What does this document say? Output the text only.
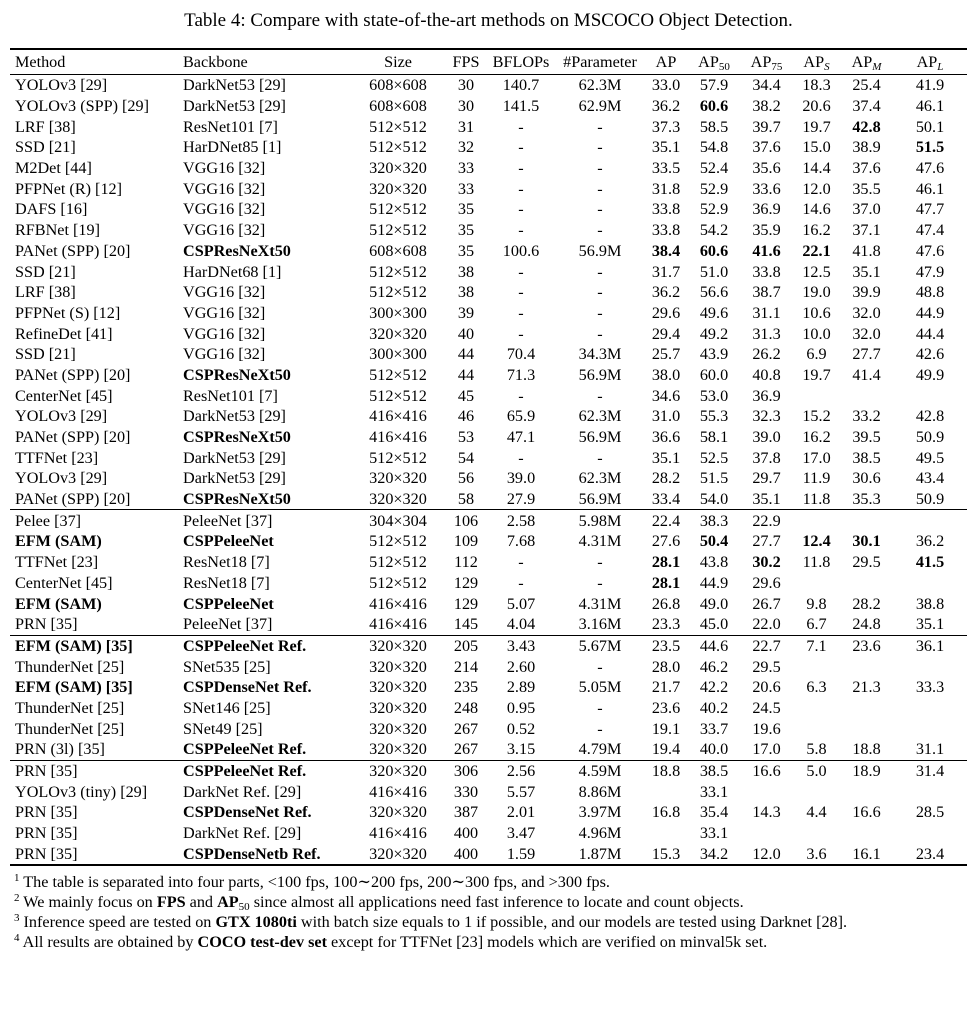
Table 4: Compare with state-of-the-art methods on MSCOCO Object Detection.
Method	Backbone	Size	FPS	BFLOPs	#Parameter	AP	$AP_{50}$	$AP_{75}$	$AP_S$	$AP_M$	$AP_L$
YOLOv3 [29]	DarkNet53 [29]	608×608	30	140.7	62.3M	33.0	57.9	34.4	18.3	25.4	41.9
YOLOv3 (SPP) [29]	DarkNet53 [29]	608×608	30	141.5	62.9M	36.2	60.6	38.2	20.6	37.4	46.1
LRF [38]	ResNet101 [7]	512×512	31	-	-	37.3	58.5	39.7	19.7	42.8	50.1
SSD [21]	HarDNet85 [1]	512×512	32	-	-	35.1	54.8	37.6	15.0	38.9	51.5
M2Det [44]	VGG16 [32]	320×320	33	-	-	33.5	52.4	35.6	14.4	37.6	47.6
PFPNet (R) [12]	VGG16 [32]	320×320	33	-	-	31.8	52.9	33.6	12.0	35.5	46.1
DAFS [16]	VGG16 [32]	512×512	35	-	-	33.8	52.9	36.9	14.6	37.0	47.7
RFBNet [19]	VGG16 [32]	512×512	35	-	-	33.8	54.2	35.9	16.2	37.1	47.4
PANet (SPP) [20]	CSPResNeXt50	608×608	35	100.6	56.9M	38.4	60.6	41.6	22.1	41.8	47.6
SSD [21]	HarDNet68 [1]	512×512	38	-	-	31.7	51.0	33.8	12.5	35.1	47.9
LRF [38]	VGG16 [32]	512×512	38	-	-	36.2	56.6	38.7	19.0	39.9	48.8
PFPNet (S) [12]	VGG16 [32]	300×300	39	-	-	29.6	49.6	31.1	10.6	32.0	44.9
RefineDet [41]	VGG16 [32]	320×320	40	-	-	29.4	49.2	31.3	10.0	32.0	44.4
SSD [21]	VGG16 [32]	300×300	44	70.4	34.3M	25.7	43.9	26.2	6.9	27.7	42.6
PANet (SPP) [20]	CSPResNeXt50	512×512	44	71.3	56.9M	38.0	60.0	40.8	19.7	41.4	49.9
CenterNet [45]	ResNet101 [7]	512×512	45	-	-	34.6	53.0	36.9			
YOLOv3 [29]	DarkNet53 [29]	416×416	46	65.9	62.3M	31.0	55.3	32.3	15.2	33.2	42.8
PANet (SPP) [20]	CSPResNeXt50	416×416	53	47.1	56.9M	36.6	58.1	39.0	16.2	39.5	50.9
TTFNet [23]	DarkNet53 [29]	512×512	54	-	-	35.1	52.5	37.8	17.0	38.5	49.5
YOLOv3 [29]	DarkNet53 [29]	320×320	56	39.0	62.3M	28.2	51.5	29.7	11.9	30.6	43.4
PANet (SPP) [20]	CSPResNeXt50	320×320	58	27.9	56.9M	33.4	54.0	35.1	11.8	35.3	50.9
Pelee [37]	PeleeNet [37]	304×304	106	2.58	5.98M	22.4	38.3	22.9			
EFM (SAM)	CSPPeleeNet	512×512	109	7.68	4.31M	27.6	50.4	27.7	12.4	30.1	36.2
TTFNet [23]	ResNet18 [7]	512×512	112	-	-	28.1	43.8	30.2	11.8	29.5	41.5
CenterNet [45]	ResNet18 [7]	512×512	129	-	-	28.1	44.9	29.6			
EFM (SAM)	CSPPeleeNet	416×416	129	5.07	4.31M	26.8	49.0	26.7	9.8	28.2	38.8
PRN [35]	PeleeNet [37]	416×416	145	4.04	3.16M	23.3	45.0	22.0	6.7	24.8	35.1
EFM (SAM) [35]	CSPPeleeNet Ref.	320×320	205	3.43	5.67M	23.5	44.6	22.7	7.1	23.6	36.1
ThunderNet [25]	SNet535 [25]	320×320	214	2.60	-	28.0	46.2	29.5			
EFM (SAM) [35]	CSPDenseNet Ref.	320×320	235	2.89	5.05M	21.7	42.2	20.6	6.3	21.3	33.3
ThunderNet [25]	SNet146 [25]	320×320	248	0.95	-	23.6	40.2	24.5			
ThunderNet [25]	SNet49 [25]	320×320	267	0.52	-	19.1	33.7	19.6			
PRN (3l) [35]	CSPPeleeNet Ref.	320×320	267	3.15	4.79M	19.4	40.0	17.0	5.8	18.8	31.1
PRN [35]	CSPPeleeNet Ref.	320×320	306	2.56	4.59M	18.8	38.5	16.6	5.0	18.9	31.4
YOLOv3 (tiny) [29]	DarkNet Ref. [29]	416×416	330	5.57	8.86M		33.1				
PRN [35]	CSPDenseNet Ref.	320×320	387	2.01	3.97M	16.8	35.4	14.3	4.4	16.6	28.5
PRN [35]	DarkNet Ref. [29]	416×416	400	3.47	4.96M		33.1				
PRN [35]	CSPDenseNetb Ref.	320×320	400	1.59	1.87M	15.3	34.2	12.0	3.6	16.1	23.4
$^1$ The table is separated into four parts, <100 fps, 100∼200 fps, 200∼300 fps, and >300 fps.
$^2$ We mainly focus on FPS and $AP_{50}$ since almost all applications need fast inference to locate and count objects.
$^3$ Inference speed are tested on GTX 1080ti with batch size equals to 1 if possible, and our models are tested using Darknet [28].
$^4$ All results are obtained by COCO test-dev set except for TTFNet [23] models which are verified on minval5k set.
